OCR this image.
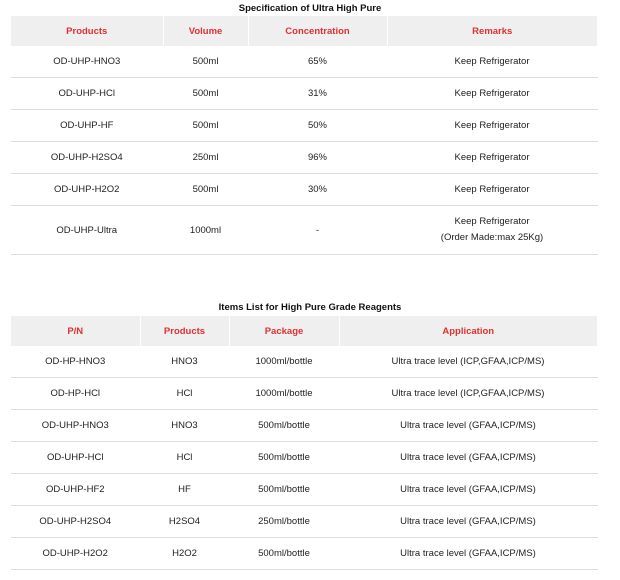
Specification of Ultra High Pure
Products	Volume	Concentration	Remarks
OD-UHP-HNO3	500ml	65%	Keep Refrigerator
OD-UHP-HCl	500ml	31%	Keep Refrigerator
OD-UHP-HF	500ml	50%	Keep Refrigerator
OD-UHP-H2SO4	250ml	96%	Keep Refrigerator
OD-UHP-H2O2	500ml	30%	Keep Refrigerator
OD-UHP-Ultra	1000ml	-	Keep Refrigerator
(Order Made:max 25Kg)
Items List for High Pure Grade Reagents
P/N	Products	Package	Application
OD-HP-HNO3	HNO3	1000ml/bottle	Ultra trace level (ICP,GFAA,ICP/MS)
OD-HP-HCl	HCl	1000ml/bottle	Ultra trace level (ICP,GFAA,ICP/MS)
OD-UHP-HNO3	HNO3	500ml/bottle	Ultra trace level (GFAA,ICP/MS)
OD-UHP-HCl	HCl	500ml/bottle	Ultra trace level (GFAA,ICP/MS)
OD-UHP-HF2	HF	500ml/bottle	Ultra trace level (GFAA,ICP/MS)
OD-UHP-H2SO4	H2SO4	250ml/bottle	Ultra trace level (GFAA,ICP/MS)
OD-UHP-H2O2	H2O2	500ml/bottle	Ultra trace level (GFAA,ICP/MS)
